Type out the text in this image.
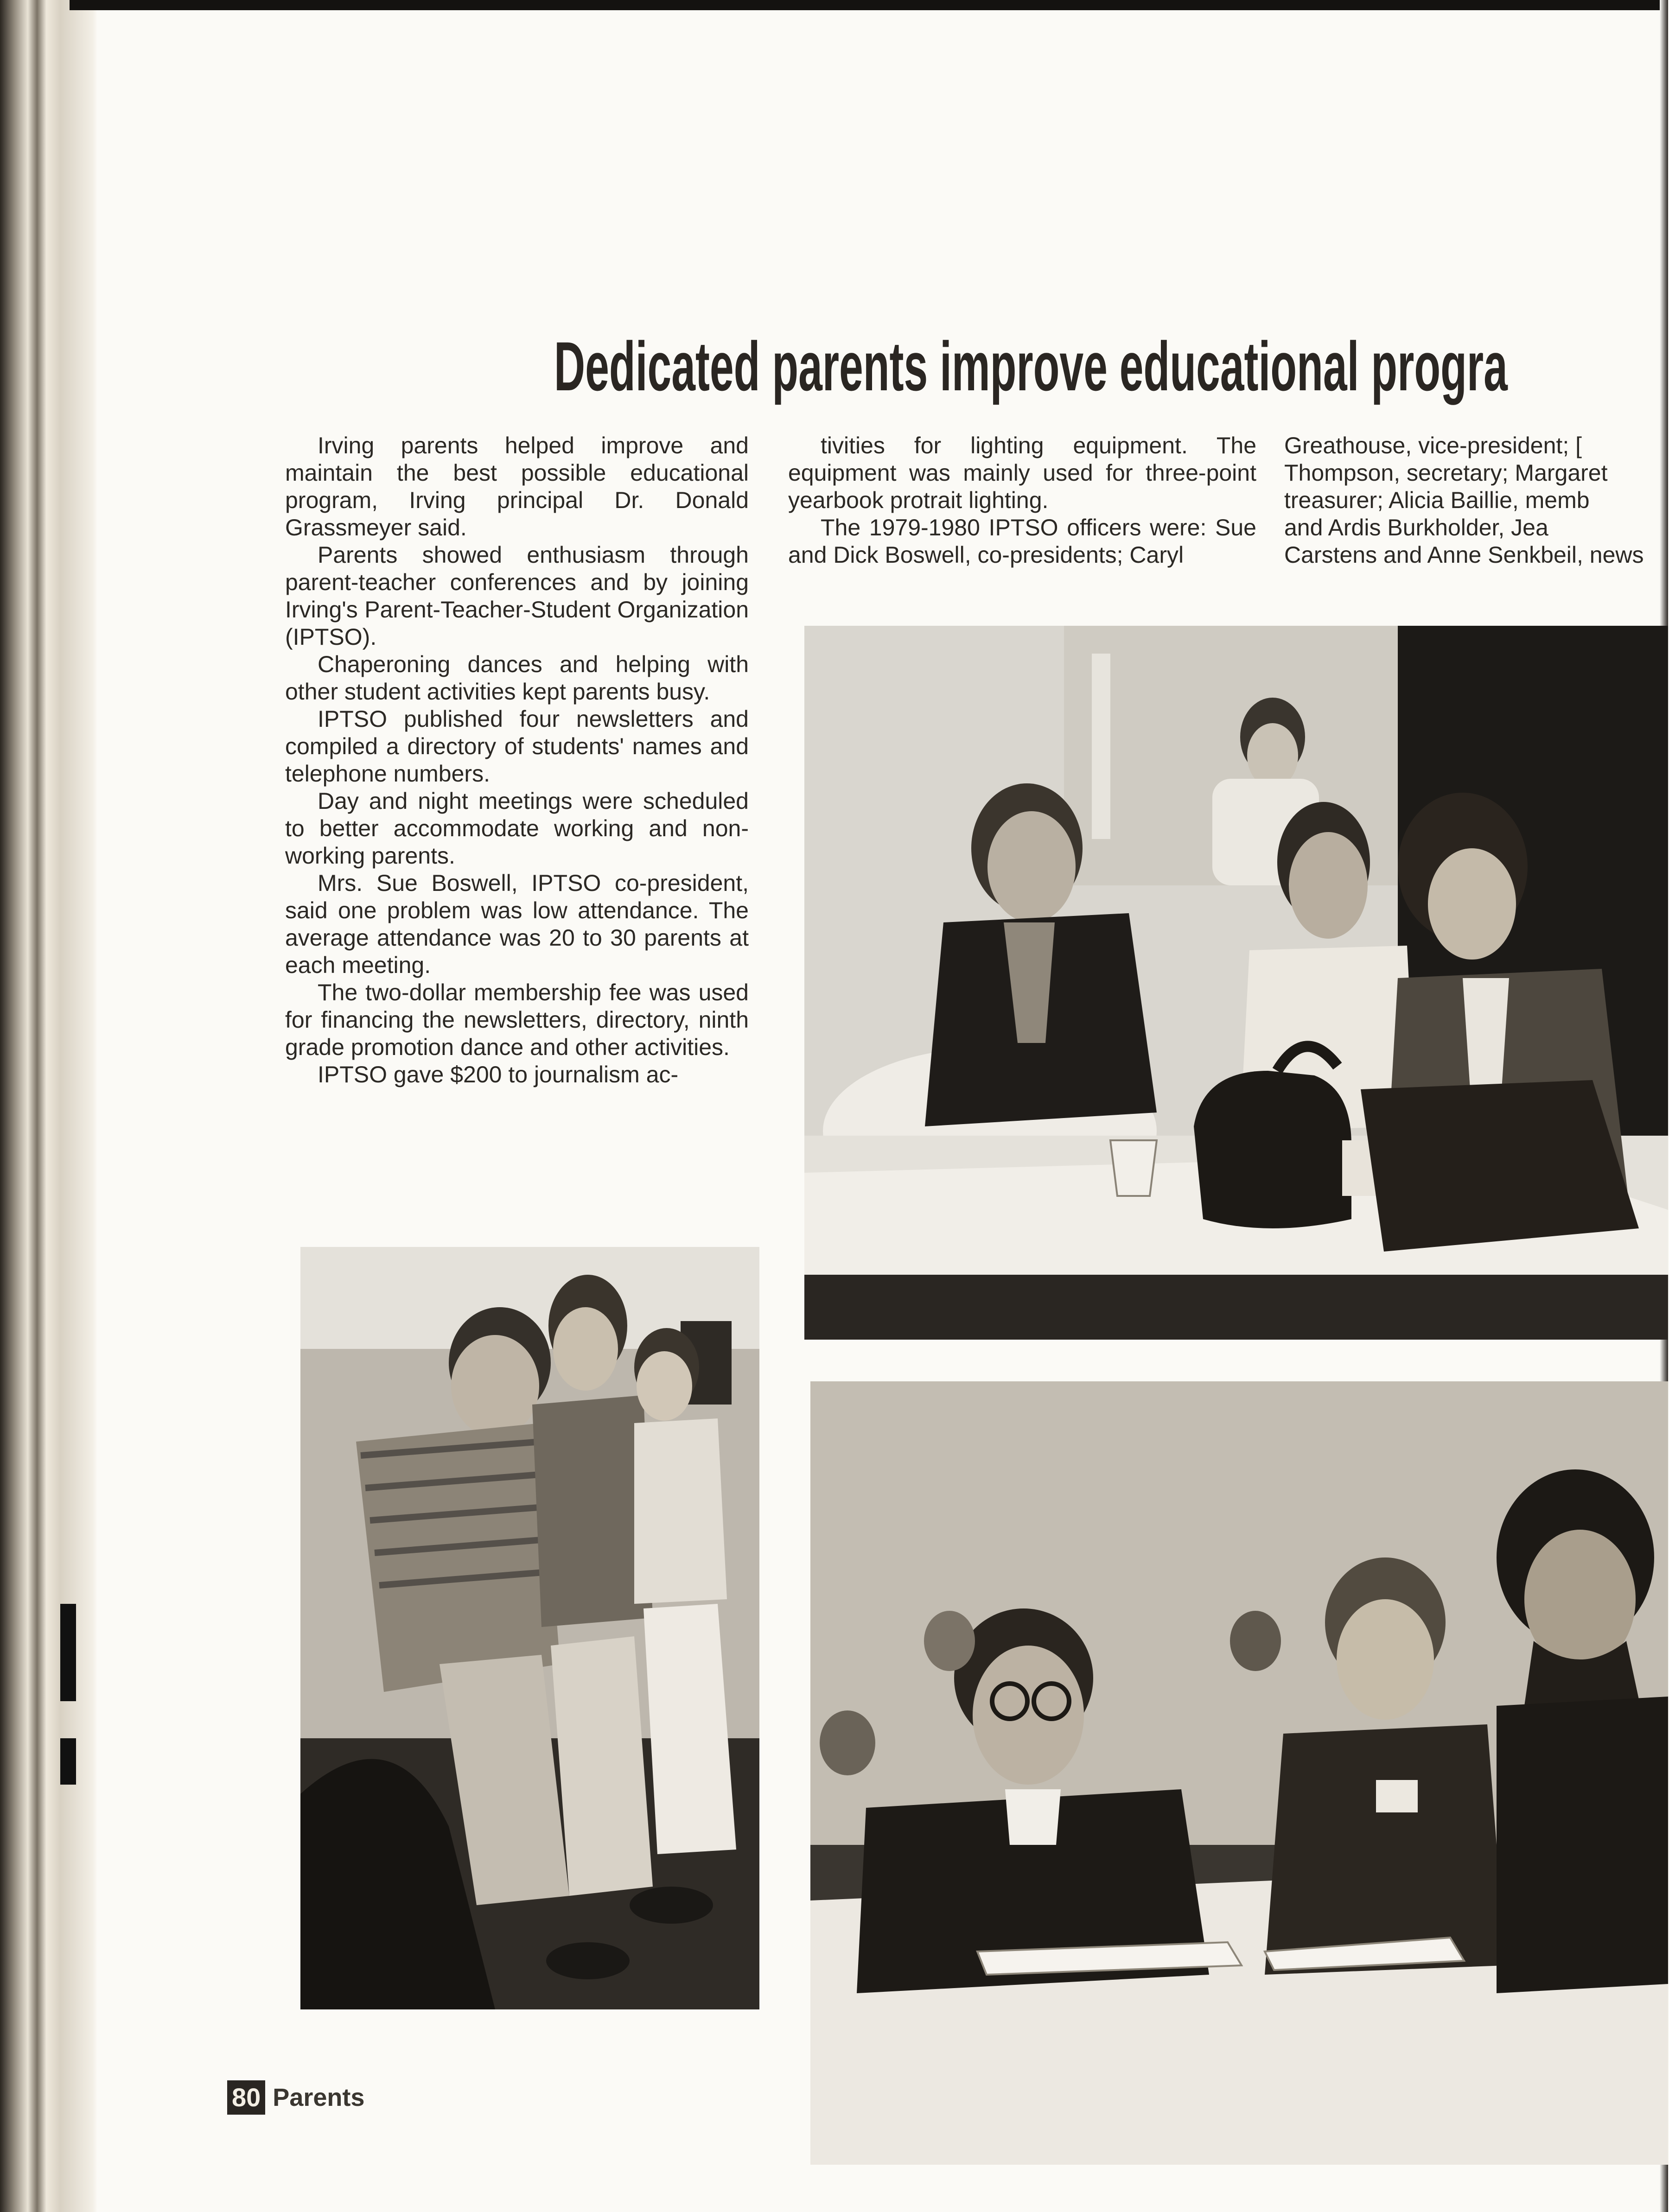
Dedicated parents improve educational progra

Irving parents helped improve and maintain the best possible educational program, Irving principal Dr. Donald Grassmeyer said.

Parents showed enthusiasm through parent-teacher conferences and by joining Irving's Parent-Teacher-Student Organization (IPTSO).

Chaperoning dances and helping with other student activities kept parents busy.

IPTSO published four newsletters and compiled a directory of students' names and telephone numbers.

Day and night meetings were scheduled to better accommodate working and non-working parents.

Mrs. Sue Boswell, IPTSO co-president, said one problem was low attendance. The average attendance was 20 to 30 parents at each meeting.

The two-dollar membership fee was used for financing the newsletters, directory, ninth grade promotion dance and other activities.

IPTSO gave $200 to journalism ac-

tivities for lighting equipment. The equipment was mainly used for three-point yearbook protrait lighting.

The 1979-1980 IPTSO officers were: Sue and Dick Boswell, co-presidents; Caryl

Greathouse, vice-president; [

Thompson, secretary; Margaret

treasurer; Alicia Baillie, memb

and Ardis Burkholder, Jea

Carstens and Anne Senkbeil, news

80 Parents
